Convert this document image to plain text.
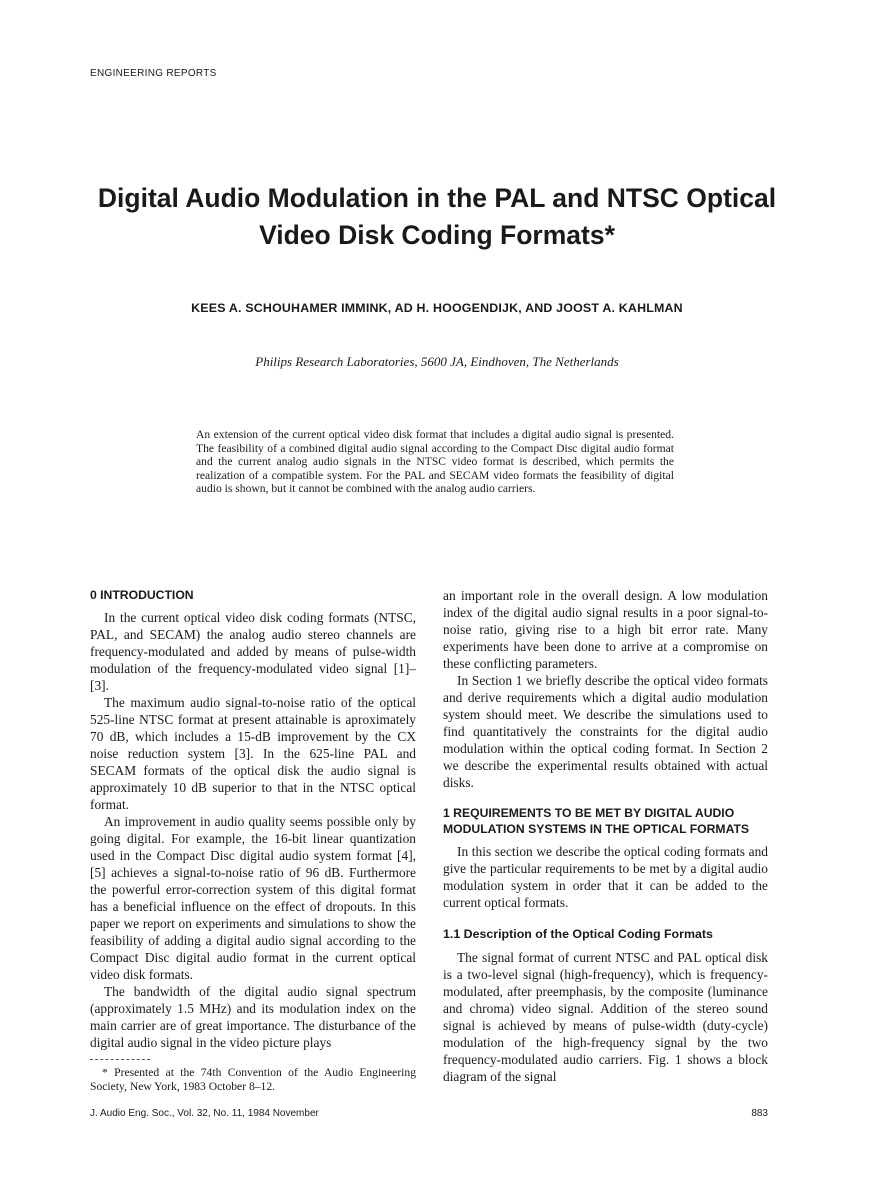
ENGINEERING REPORTS
Digital Audio Modulation in the PAL and NTSC Optical
Video Disk Coding Formats*
KEES A. SCHOUHAMER IMMINK, AD H. HOOGENDIJK, AND JOOST A. KAHLMAN
Philips Research Laboratories, 5600 JA, Eindhoven, The Netherlands
An extension of the current optical video disk format that includes a digital audio signal is presented. The feasibility of a combined digital audio signal according to the Compact Disc digital audio format and the current analog audio signals in the NTSC video format is described, which permits the realization of a compatible system. For the PAL and SECAM video formats the feasibility of digital audio is shown, but it cannot be combined with the analog audio carriers.
0 INTRODUCTION

In the current optical video disk coding formats (NTSC, PAL, and SECAM) the analog audio stereo channels are frequency-modulated and added by means of pulse-width modulation of the frequency-modulated video signal [1]–[3].

The maximum audio signal-to-noise ratio of the optical 525-line NTSC format at present attainable is aproximately 70 dB, which includes a 15-dB improvement by the CX noise reduction system [3]. In the 625-line PAL and SECAM formats of the optical disk the audio signal is approximately 10 dB superior to that in the NTSC optical format.

An improvement in audio quality seems possible only by going digital. For example, the 16-bit linear quantization used in the Compact Disc digital audio system format [4], [5] achieves a signal-to-noise ratio of 96 dB. Furthermore the powerful error-correction system of this digital format has a beneficial influence on the effect of dropouts. In this paper we report on experiments and simulations to show the feasibility of adding a digital audio signal according to the Compact Disc digital audio format in the current optical video disk formats.

The bandwidth of the digital audio signal spectrum (approximately 1.5 MHz) and its modulation index on the main carrier are of great importance. The disturbance of the digital audio signal in the video picture plays

an important role in the overall design. A low modulation index of the digital audio signal results in a poor signal-to-noise ratio, giving rise to a high bit error rate. Many experiments have been done to arrive at a compromise on these conflicting parameters.

In Section 1 we briefly describe the optical video formats and derive requirements which a digital audio modulation system should meet. We describe the simulations used to find quantitatively the constraints for the digital audio modulation within the optical coding format. In Section 2 we describe the experimental results obtained with actual disks.

1 REQUIREMENTS TO BE MET BY DIGITAL AUDIO MODULATION SYSTEMS IN THE OPTICAL FORMATS

In this section we describe the optical coding formats and give the particular requirements to be met by a digital audio modulation system in order that it can be added to the current optical formats.

1.1 Description of the Optical Coding Formats

The signal format of current NTSC and PAL optical disk is a two-level signal (high-frequency), which is frequency-modulated, after preemphasis, by the composite (luminance and chroma) video signal. Addition of the stereo sound signal is achieved by means of pulse-width (duty-cycle) modulation of the high-frequency signal by the two frequency-modulated audio carriers. Fig. 1 shows a block diagram of the signal

* Presented at the 74th Convention of the Audio Engineering Society, New York, 1983 October 8–12.
J. Audio Eng. Soc., Vol. 32, No. 11, 1984 November	883
